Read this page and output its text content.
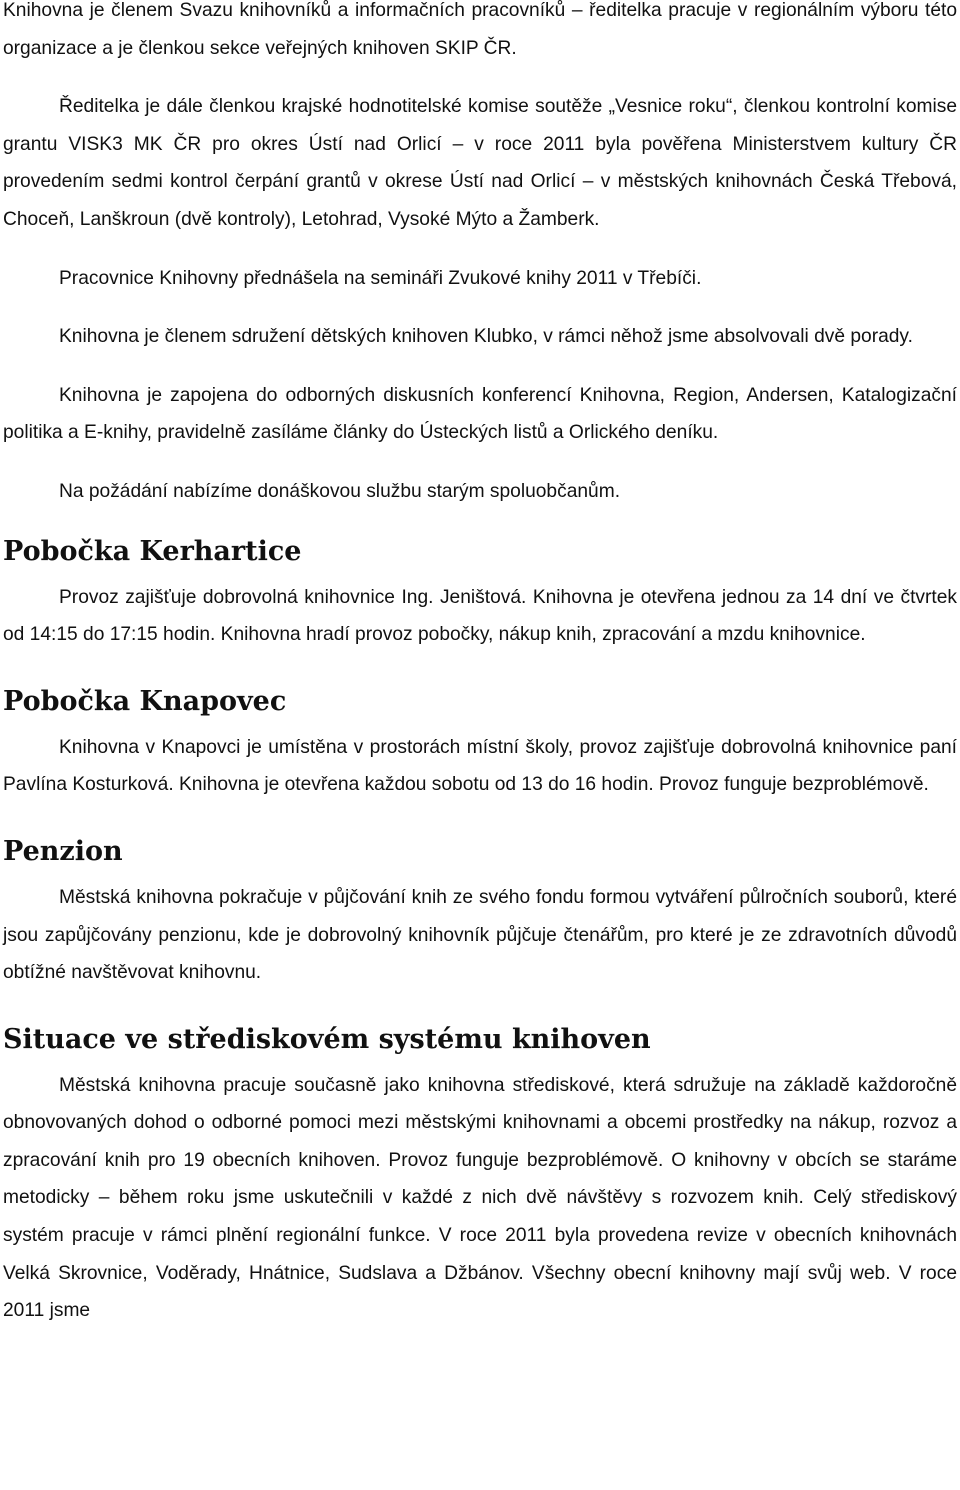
Knihovna je členem Svazu knihovníků a informačních pracovníků – ředitelka pracuje v regionálním výboru této organizace a je členkou sekce veřejných knihoven SKIP ČR.

Ředitelka je dále členkou krajské hodnotitelské komise soutěže „Vesnice roku“, členkou kontrolní komise grantu VISK3 MK ČR pro okres Ústí nad Orlicí – v roce 2011 byla pověřena Ministerstvem kultury ČR provedením sedmi kontrol čerpání grantů v okrese Ústí nad Orlicí – v městských knihovnách Česká Třebová, Choceň, Lanškroun (dvě kontroly), Letohrad, Vysoké Mýto a Žamberk.

Pracovnice Knihovny přednášela na semináři Zvukové knihy 2011 v Třebíči.

Knihovna je členem sdružení dětských knihoven Klubko, v rámci něhož jsme absolvovali dvě porady.

Knihovna je zapojena do odborných diskusních konferencí Knihovna, Region, Andersen, Katalogizační politika a E-knihy, pravidelně zasíláme články do Ústeckých listů a Orlického deníku.

Na požádání nabízíme donáškovou službu starým spoluobčanům.

Pobočka Kerhartice

Provoz zajišťuje dobrovolná knihovnice Ing. Jeništová. Knihovna je otevřena jednou za 14 dní ve čtvrtek od 14:15 do 17:15 hodin. Knihovna hradí provoz pobočky, nákup knih, zpracování a mzdu knihovnice.

Pobočka Knapovec

Knihovna v Knapovci je umístěna v prostorách místní školy, provoz zajišťuje dobrovolná knihovnice paní Pavlína Kosturková. Knihovna je otevřena každou sobotu od 13 do 16 hodin. Provoz funguje bezproblémově.

Penzion

Městská knihovna pokračuje v půjčování knih ze svého fondu formou vytváření půlročních souborů, které jsou zapůjčovány penzionu, kde je dobrovolný knihovník půjčuje čtenářům, pro které je ze zdravotních důvodů obtížné navštěvovat knihovnu.

Situace ve střediskovém systému knihoven

Městská knihovna pracuje současně jako knihovna střediskové, která sdružuje na základě každoročně obnovovaných dohod o odborné pomoci mezi městskými knihovnami a obcemi prostředky na nákup, rozvoz a zpracování knih pro 19 obecních knihoven. Provoz funguje bezproblémově. O knihovny v obcích se staráme metodicky – během roku jsme uskutečnili v každé z nich dvě návštěvy s rozvozem knih. Celý střediskový systém pracuje v rámci plnění regionální funkce. V roce 2011 byla provedena revize v obecních knihovnách Velká Skrovnice, Voděrady, Hnátnice, Sudslava a Džbánov. Všechny obecní knihovny mají svůj web. V roce 2011 jsme
